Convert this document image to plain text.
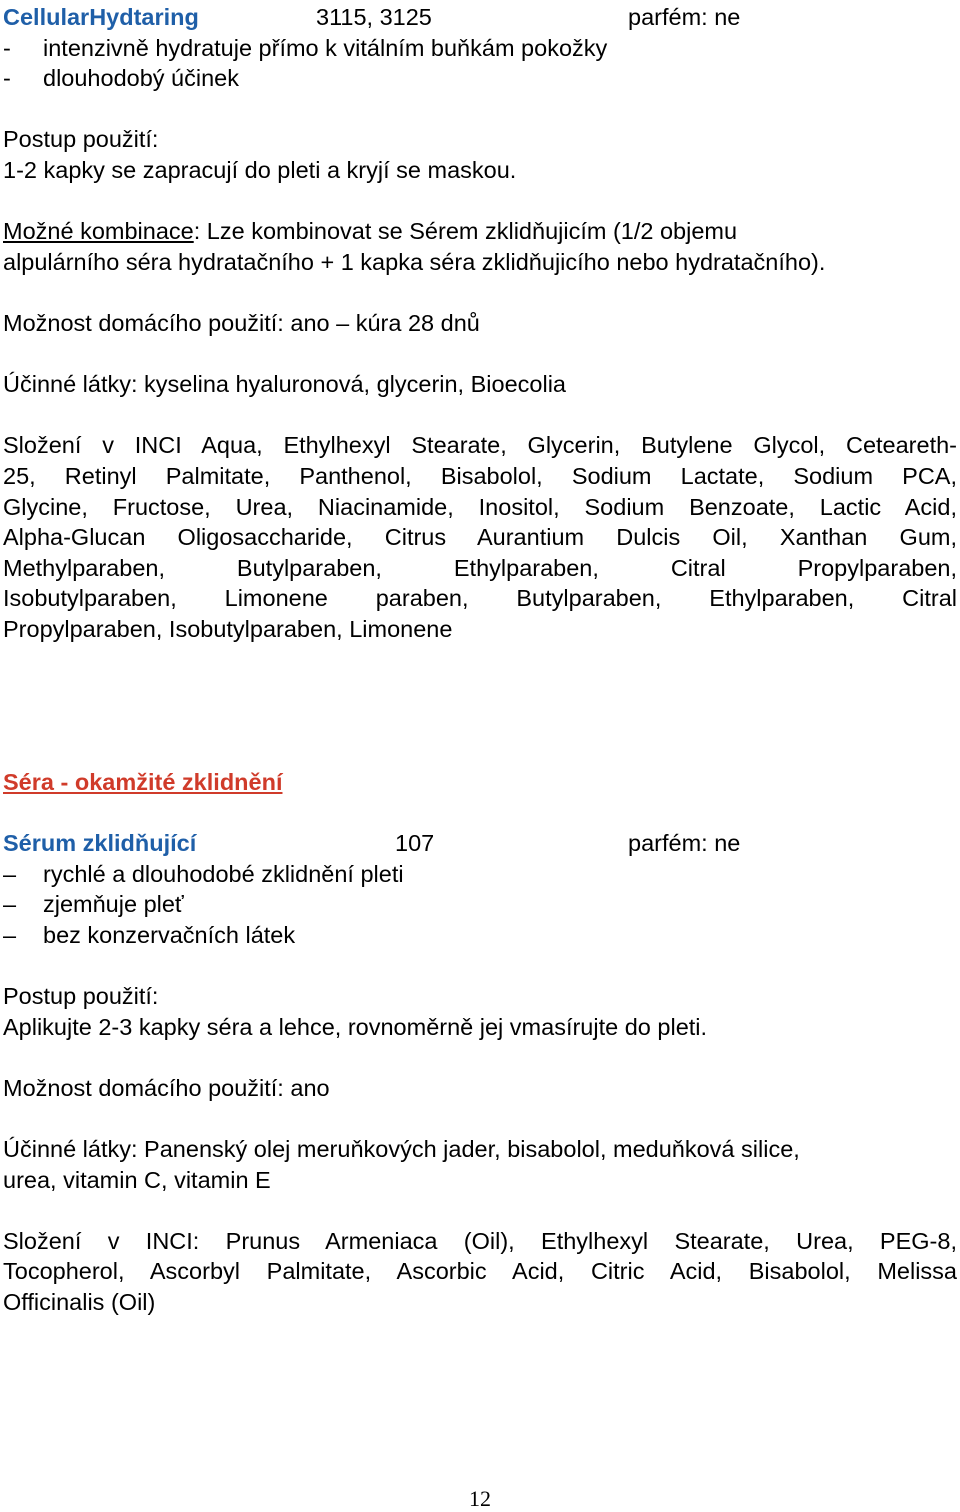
CellularHydtaring	3115, 3125	parfém: ne
- intenzivně hydratuje přímo k vitálním buňkám pokožky
- dlouhodobý účinek
Postup použití:
1-2 kapky se zapracují do pleti a kryjí se maskou.
Možné kombinace: Lze kombinovat se Sérem zklidňujicím (1/2 objemu
alpulárního séra hydratačního + 1 kapka séra zklidňujicího nebo hydratačního).
Možnost domácího použití: ano – kúra 28 dnů
Účinné látky: kyselina hyaluronová, glycerin, Bioecolia
Složení v INCI Aqua, Ethylhexyl Stearate, Glycerin, Butylene Glycol, Ceteareth-
25, Retinyl Palmitate, Panthenol, Bisabolol, Sodium Lactate, Sodium PCA,
Glycine, Fructose, Urea, Niacinamide, Inositol, Sodium Benzoate, Lactic Acid,
Alpha-Glucan Oligosaccharide, Citrus Aurantium Dulcis Oil, Xanthan Gum,
Methylparaben, Butylparaben, Ethylparaben, Citral Propylparaben,
Isobutylparaben, Limonene paraben, Butylparaben, Ethylparaben, Citral
Propylparaben, Isobutylparaben, Limonene
Séra - okamžité zklidnění
Sérum zklidňující	107	parfém: ne
– rychlé a dlouhodobé zklidnění pleti
– zjemňuje pleť
– bez konzervačních látek
Postup použití:
Aplikujte 2-3 kapky séra a lehce, rovnoměrně jej vmasírujte do pleti.
Možnost domácího použití: ano
Účinné látky: Panenský olej meruňkových jader, bisabolol, meduňková silice,
urea, vitamin C, vitamin E
Složení v INCI: Prunus Armeniaca (Oil), Ethylhexyl Stearate, Urea, PEG-8,
Tocopherol, Ascorbyl Palmitate, Ascorbic Acid, Citric Acid, Bisabolol, Melissa
Officinalis (Oil)
12
